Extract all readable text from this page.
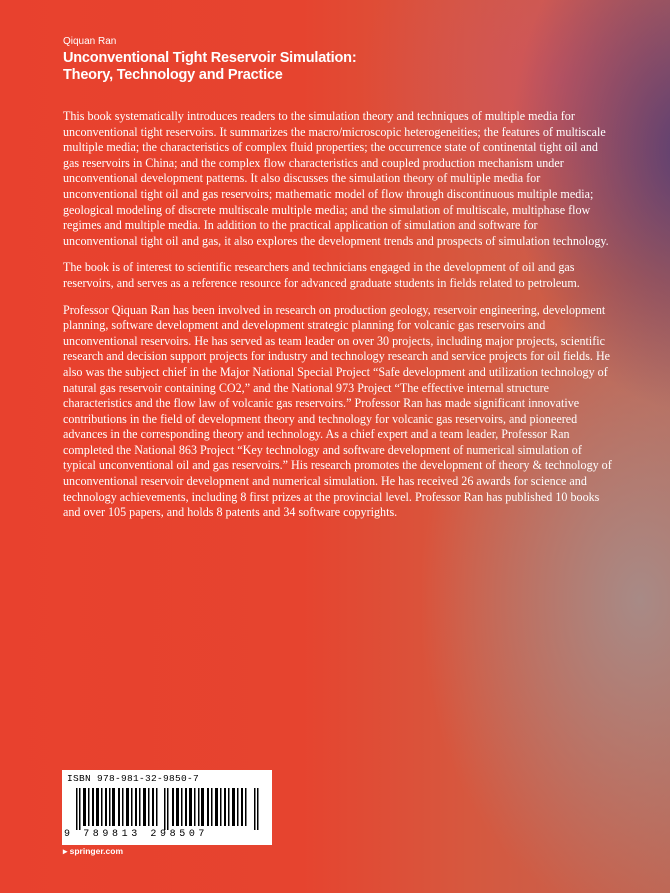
Qiquan Ran
Unconventional Tight Reservoir Simulation:
Theory, Technology and Practice

This book systematically introduces readers to the simulation theory and techniques of multiple media for unconventional tight reservoirs. It summarizes the macro/microscopic heterogeneities; the features of multiscale multiple media; the characteristics of complex fluid properties; the occurrence state of continental tight oil and gas reservoirs in China; and the complex flow characteristics and coupled production mechanism under unconventional development patterns. It also discusses the simulation theory of multiple media for unconventional tight oil and gas reservoirs; mathematic model of flow through discontinuous multiple media; geological modeling of discrete multiscale multiple media; and the simulation of multiscale, multiphase flow regimes and multiple media. In addition to the practical application of simulation and software for unconventional tight oil and gas, it also explores the development trends and prospects of simulation technology.

The book is of interest to scientific researchers and technicians engaged in the development of oil and gas reservoirs, and serves as a reference resource for advanced graduate students in fields related to petroleum.

Professor Qiquan Ran has been involved in research on production geology, reservoir engineering, development planning, software development and development strategic planning for volcanic gas reservoirs and unconventional reservoirs. He has served as team leader on over 30 projects, including major projects, scientific research and decision support projects for industry and technology research and service projects for oil fields. He also was the subject chief in the Major National Special Project “Safe development and utilization technology of natural gas reservoir containing CO2,” and the National 973 Project “The effective internal structure characteristics and the flow law of volcanic gas reservoirs.” Professor Ran has made significant innovative contributions in the field of development theory and technology for volcanic gas reservoirs, and pioneered advances in the corresponding theory and technology. As a chief expert and a team leader, Professor Ran completed the National 863 Project “Key technology and software development of numerical simulation of typical unconventional oil and gas reservoirs.” His research promotes the development of theory & technology of unconventional reservoir development and numerical simulation. He has received 26 awards for science and technology achievements, including 8 first prizes at the provincial level. Professor Ran has published 10 books and over 105 papers, and holds 8 patents and 34 software copyrights.

ISBN 978-981-32-9850-7
9 789813 298507
▸ springer.com
